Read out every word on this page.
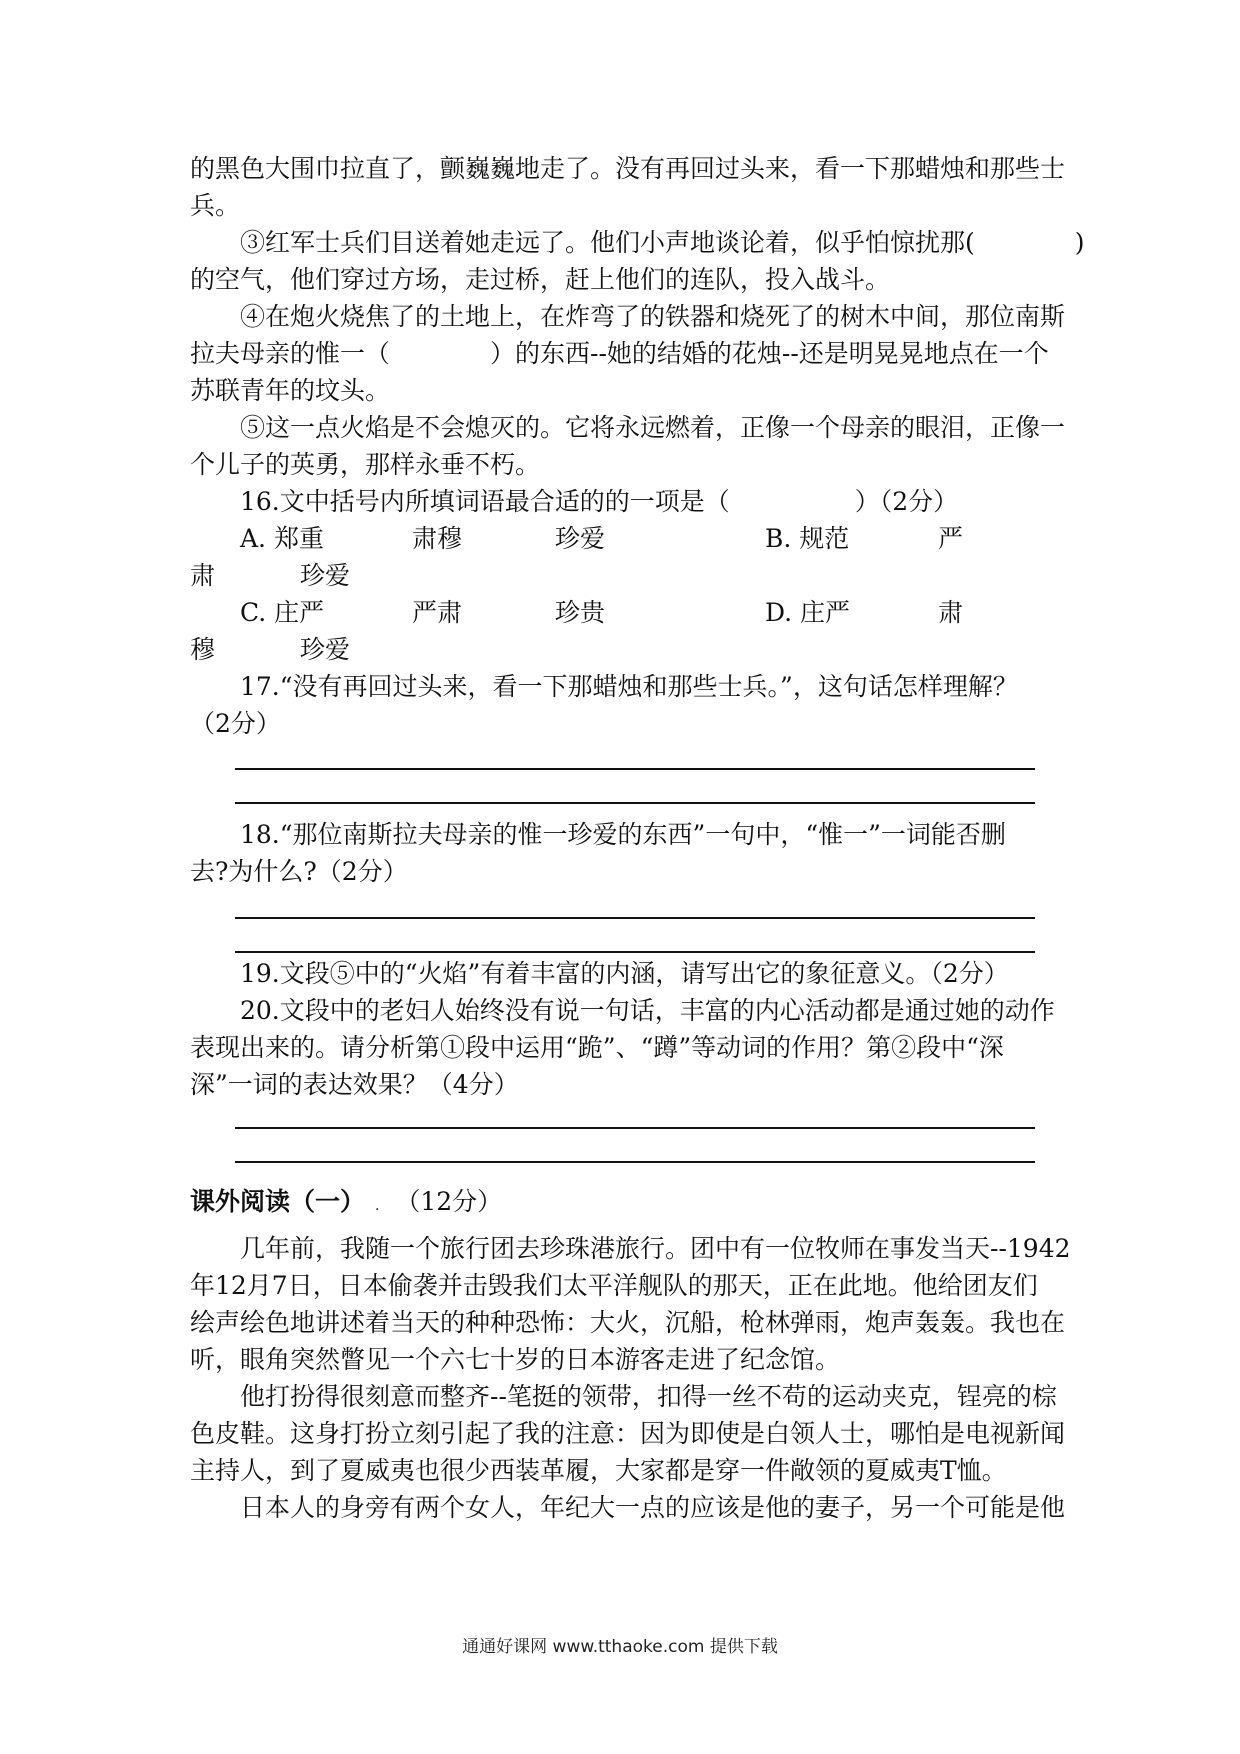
的黑色大围巾拉直了，颤巍巍地走了。没有再回过头来，看一下那蜡烛和那些士
兵。
③红军士兵们目送着她走远了。他们小声地谈论着，似乎怕惊扰那(　　　　)
的空气，他们穿过方场，走过桥，赶上他们的连队，投入战斗。
④在炮火烧焦了的土地上，在炸弯了的铁器和烧死了的树木中间，那位南斯
拉夫母亲的惟一（　　　　）的东西--她的结婚的花烛--还是明晃晃地点在一个
苏联青年的坟头。
⑤这一点火焰是不会熄灭的。它将永远燃着，正像一个母亲的眼泪，正像一
个儿子的英勇，那样永垂不朽。
16.文中括号内所填词语最合适的的一项是（　　　　　）（2分）
A. 郑重	肃穆	珍爱	B. 规范	严
肃	珍爱
C. 庄严	严肃	珍贵	D. 庄严	肃
穆	珍爱
17.“没有再回过头来，看一下那蜡烛和那些士兵。”，这句话怎样理解？
（2分）
18.“那位南斯拉夫母亲的惟一珍爱的东西”一句中，“惟一”一词能否删
去?为什么?（2分）
19.文段⑤中的“火焰”有着丰富的内涵，请写出它的象征意义。（2分）
20.文段中的老妇人始终没有说一句话，丰富的内心活动都是通过她的动作
表现出来的。请分析第①段中运用“跪”、“蹲”等动词的作用？第②段中“深
深”一词的表达效果？（4分）
课外阅读（一） . （12分）
几年前，我随一个旅行团去珍珠港旅行。团中有一位牧师在事发当天--1942
年12月7日，日本偷袭并击毁我们太平洋舰队的那天，正在此地。他给团友们
绘声绘色地讲述着当天的种种恐怖：大火，沉船，枪林弹雨，炮声轰轰。我也在
听，眼角突然瞥见一个六七十岁的日本游客走进了纪念馆。
他打扮得很刻意而整齐--笔挺的领带，扣得一丝不苟的运动夹克，锃亮的棕
色皮鞋。这身打扮立刻引起了我的注意：因为即使是白领人士，哪怕是电视新闻
主持人，到了夏威夷也很少西装革履，大家都是穿一件敞领的夏威夷T恤。
日本人的身旁有两个女人，年纪大一点的应该是他的妻子，另一个可能是他
通通好课网 www.tthaoke.com 提供下载
